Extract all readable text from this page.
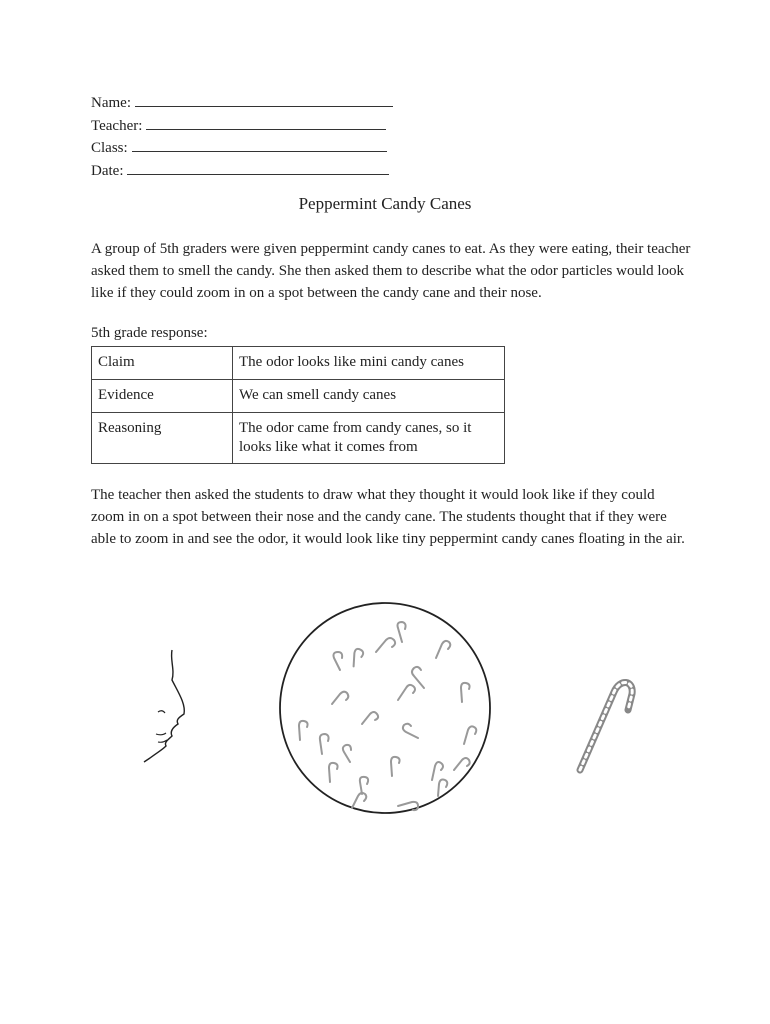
Name:
Teacher:
Class:
Date:
Peppermint Candy Canes
A group of 5th graders were given peppermint candy canes to eat. As they were eating, their teacher asked them to smell the candy. She then asked them to describe what the odor particles would look like if they could zoom in on a spot between the candy cane and their nose.
5th grade response:
Claim	The odor looks like mini candy canes
Evidence	We can smell candy canes
Reasoning	The odor came from candy canes, so it looks like what it comes from
The teacher then asked the students to draw what they thought it would look like if they could zoom in on a spot between their nose and the candy cane. The students thought that if they were able to zoom in and see the odor, it would look like tiny peppermint candy canes floating in the air.
